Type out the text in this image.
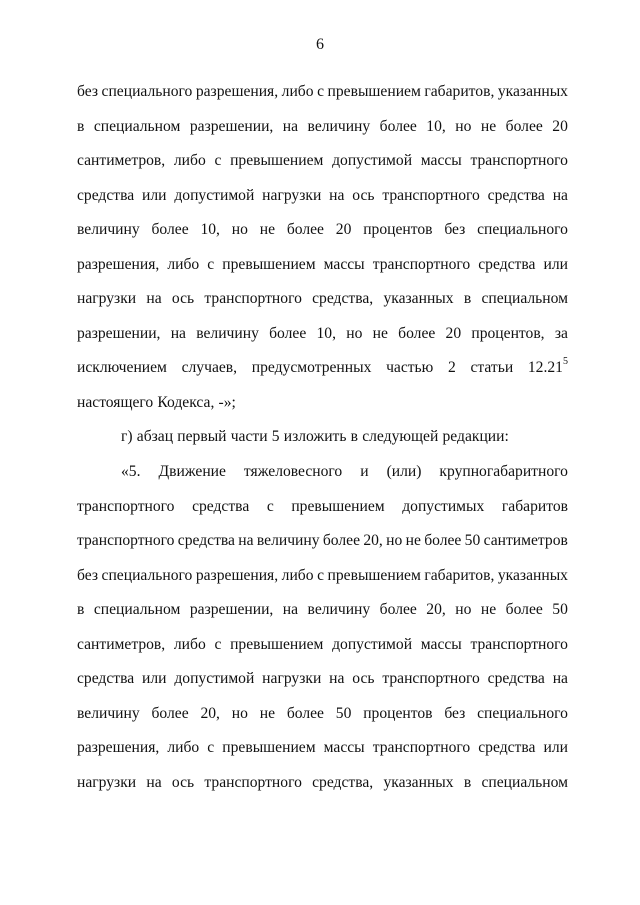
6
без специального разрешения, либо с превышением габаритов, указанных
в специальном разрешении, на величину более 10, но не более 20
сантиметров, либо с превышением допустимой массы транспортного
средства или допустимой нагрузки на ось транспортного средства на
величину более 10, но не более 20 процентов без специального
разрешения, либо с превышением массы транспортного средства или
нагрузки на ось транспортного средства, указанных в специальном
разрешении, на величину более 10, но не более 20 процентов, за
исключением случаев, предусмотренных частью 2 статьи 12.21$^5$
настоящего Кодекса, -»;
г) абзац первый части 5 изложить в следующей редакции:
«5. Движение тяжеловесного и (или) крупногабаритного
транспортного средства с превышением допустимых габаритов
транспортного средства на величину более 20, но не более 50 сантиметров
без специального разрешения, либо с превышением габаритов, указанных
в специальном разрешении, на величину более 20, но не более 50
сантиметров, либо с превышением допустимой массы транспортного
средства или допустимой нагрузки на ось транспортного средства на
величину более 20, но не более 50 процентов без специального
разрешения, либо с превышением массы транспортного средства или
нагрузки на ось транспортного средства, указанных в специальном
